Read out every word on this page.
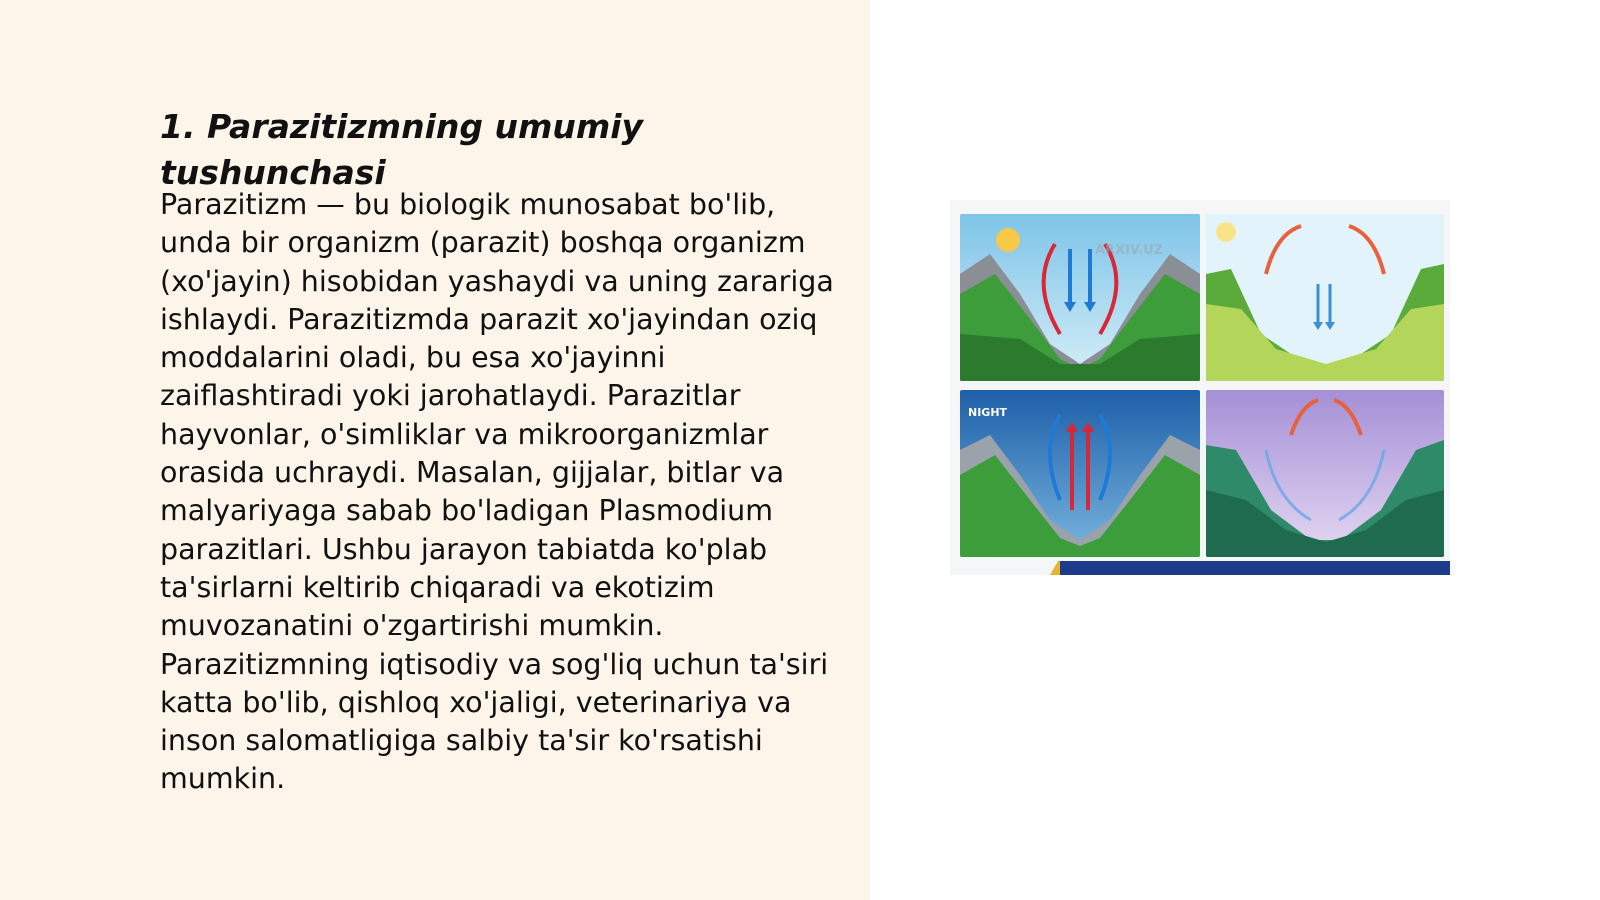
1. Parazitizmning umumiy tushunchasi

Parazitizm — bu biologik munosabat bo'lib, unda bir organizm (parazit) boshqa organizm (xo'jayin) hisobidan yashaydi va uning zarariga ishlaydi. Parazitizmda parazit xo'jayindan oziq moddalarini oladi, bu esa xo'jayinni zaiflashtiradi yoki jarohatlaydi. Parazitlar hayvonlar, o'simliklar va mikroorganizmlar orasida uchraydi. Masalan, gijjalar, bitlar va malyariyaga sabab bo'ladigan Plasmodium parazitlari. Ushbu jarayon tabiatda ko'plab ta'sirlarni keltirib chiqaradi va ekotizim muvozanatini o'zgartirishi mumkin. Parazitizmning iqtisodiy va sog'liq uchun ta'siri katta bo'lib, qishloq xo'jaligi, veterinariya va inson salomatligiga salbiy ta'sir ko'rsatishi mumkin.

ARXIV.UZ
NIGHT
